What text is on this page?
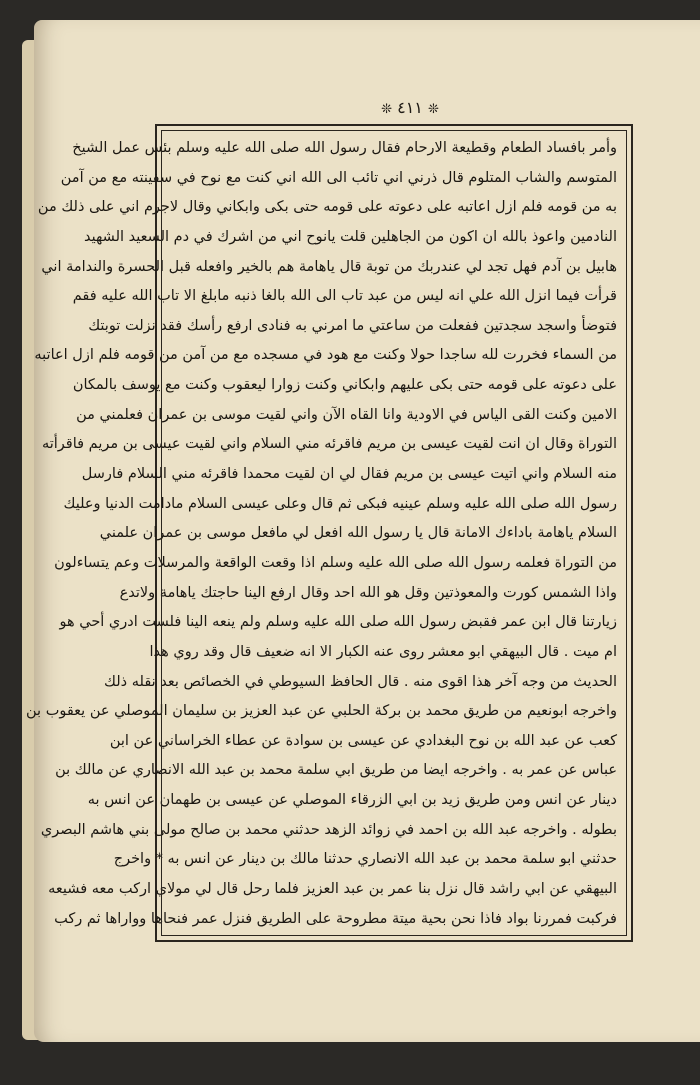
❊ ٤١١ ❊
وأمر بافساد الطعام وقطيعة الارحام فقال رسول الله صلى الله عليه وسلم بئس عمل الشيخ
المتوسم والشاب المتلوم قال ذرني اني تائب الى الله اني كنت مع نوح في سفينته مع من آمن
به من قومه فلم ازل اعاتبه على دعوته على قومه حتى بكى وابكاني وقال لاجرم اني على ذلك من
النادمين واعوذ بالله ان اكون من الجاهلين قلت يانوح اني من اشرك في دم السعيد الشهيد
هابيل بن آدم فهل تجد لي عندربك من توبة قال ياهامة هم بالخير وافعله قبل الحسرة والندامة اني
قرأت فيما انزل الله علي انه ليس من عبد تاب الى الله بالغا ذنبه مابلغ الا تاب الله عليه فقم
فتوضأ واسجد سجدتين ففعلت من ساعتي ما امرني به فنادى ارفع رأسك فقد نزلت توبتك
من السماء فخررت لله ساجدا حولا وكنت مع هود في مسجده مع من آمن من قومه فلم ازل اعاتبه
على دعوته على قومه حتى بكى عليهم وابكاني وكنت زوارا ليعقوب وكنت مع يوسف بالمكان
الامين وكنت القى الياس في الاودية وانا القاه الآن واني لقيت موسى بن عمران فعلمني من
التوراة وقال ان انت لقيت عيسى بن مريم فاقرئه مني السلام واني لقيت عيسى بن مريم فاقرأته
منه السلام واني اتيت عيسى بن مريم فقال لي ان لقيت محمدا فاقرئه مني السلام فارسل
رسول الله صلى الله عليه وسلم عينيه فبكى ثم قال وعلى عيسى السلام مادامت الدنيا وعليك
السلام ياهامة باداءك الامانة قال يا رسول الله افعل لي مافعل موسى بن عمران علمني
من التوراة فعلمه رسول الله صلى الله عليه وسلم اذا وقعت الواقعة والمرسلات وعم يتساءلون
واذا الشمس كورت والمعوذتين وقل هو الله احد وقال ارفع الينا حاجتك ياهامة ولاتدع
زيارتنا قال ابن عمر فقبض رسول الله صلى الله عليه وسلم ولم ينعه الينا فلست ادري أحي هو
ام ميت . قال البيهقي ابو معشر روى عنه الكبار الا انه ضعيف قال وقد روي هذا
الحديث من وجه آخر هذا اقوى منه . قال الحافظ السيوطي في الخصائص بعد نقله ذلك
واخرجه ابونعيم من طريق محمد بن بركة الحلبي عن عبد العزيز بن سليمان الموصلي عن يعقوب بن
كعب عن عبد الله بن نوح البغدادي عن عيسى بن سوادة عن عطاء الخراساني عن ابن
عباس عن عمر به . واخرجه ايضا من طريق ابي سلمة محمد بن عبد الله الانصاري عن مالك بن
دينار عن انس ومن طريق زيد بن ابي الزرقاء الموصلي عن عيسى بن طهمان عن انس به
بطوله . واخرجه عبد الله بن احمد في زوائد الزهد حدثني محمد بن صالح مولى بني هاشم البصري
حدثني ابو سلمة محمد بن عبد الله الانصاري حدثنا مالك بن دينار عن انس به * واخرج
البيهقي عن ابي راشد قال نزل بنا عمر بن عبد العزيز فلما رحل قال لي مولاي اركب معه فشيعه
فركبت فمررنا بواد فاذا نحن بحية ميتة مطروحة على الطريق فنزل عمر فنحاها وواراها ثم ركب
